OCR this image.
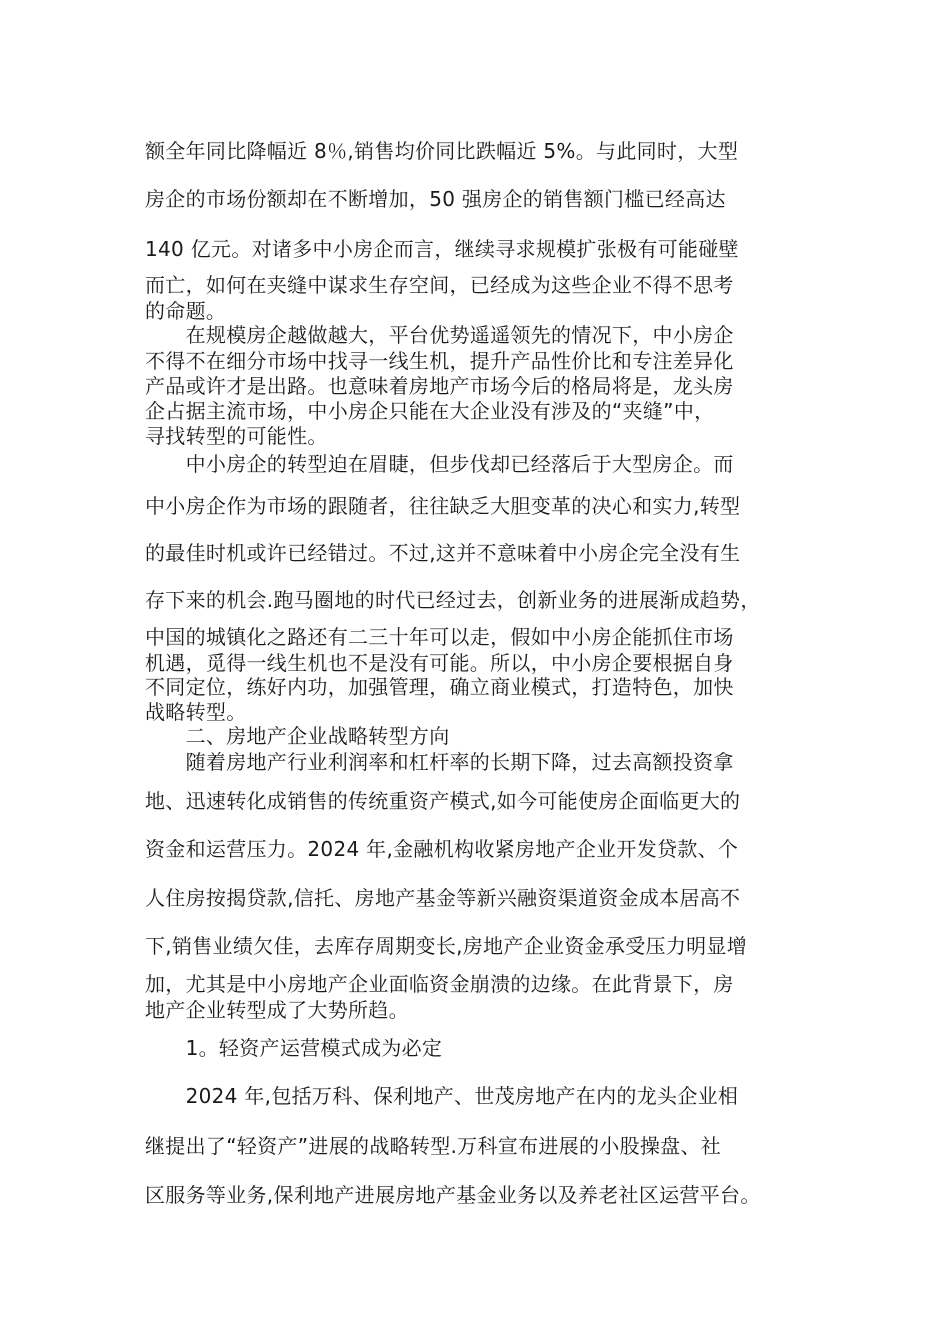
额全年同比降幅近 8％,销售均价同比跌幅近 5%。与此同时，大型
房企的市场份额却在不断增加，50 强房企的销售额门槛已经高达
140 亿元。对诸多中小房企而言，继续寻求规模扩张极有可能碰壁
而亡，如何在夹缝中谋求生存空间，已经成为这些企业不得不思考
的命题。
　　在规模房企越做越大，平台优势遥遥领先的情况下，中小房企
不得不在细分市场中找寻一线生机，提升产品性价比和专注差异化
产品或许才是出路。也意味着房地产市场今后的格局将是，龙头房
企占据主流市场，中小房企只能在大企业没有涉及的“夹缝”中，
寻找转型的可能性。
　　中小房企的转型迫在眉睫，但步伐却已经落后于大型房企。而
中小房企作为市场的跟随者，往往缺乏大胆变革的决心和实力,转型
的最佳时机或许已经错过。不过,这并不意味着中小房企完全没有生
存下来的机会.跑马圈地的时代已经过去，创新业务的进展渐成趋势，
中国的城镇化之路还有二三十年可以走，假如中小房企能抓住市场
机遇，觅得一线生机也不是没有可能。所以，中小房企要根据自身
不同定位，练好内功，加强管理，确立商业模式，打造特色，加快
战略转型。
　　二、房地产企业战略转型方向
　　随着房地产行业利润率和杠杆率的长期下降，过去高额投资拿
地、迅速转化成销售的传统重资产模式,如今可能使房企面临更大的
资金和运营压力。2024 年,金融机构收紧房地产企业开发贷款、个
人住房按揭贷款,信托、房地产基金等新兴融资渠道资金成本居高不
下,销售业绩欠佳，去库存周期变长,房地产企业资金承受压力明显增
加，尤其是中小房地产企业面临资金崩溃的边缘。在此背景下，房
地产企业转型成了大势所趋。
　　1。轻资产运营模式成为必定
　　2024 年,包括万科、保利地产、世茂房地产在内的龙头企业相
继提出了“轻资产”进展的战略转型.万科宣布进展的小股操盘、社
区服务等业务,保利地产进展房地产基金业务以及养老社区运营平台。
